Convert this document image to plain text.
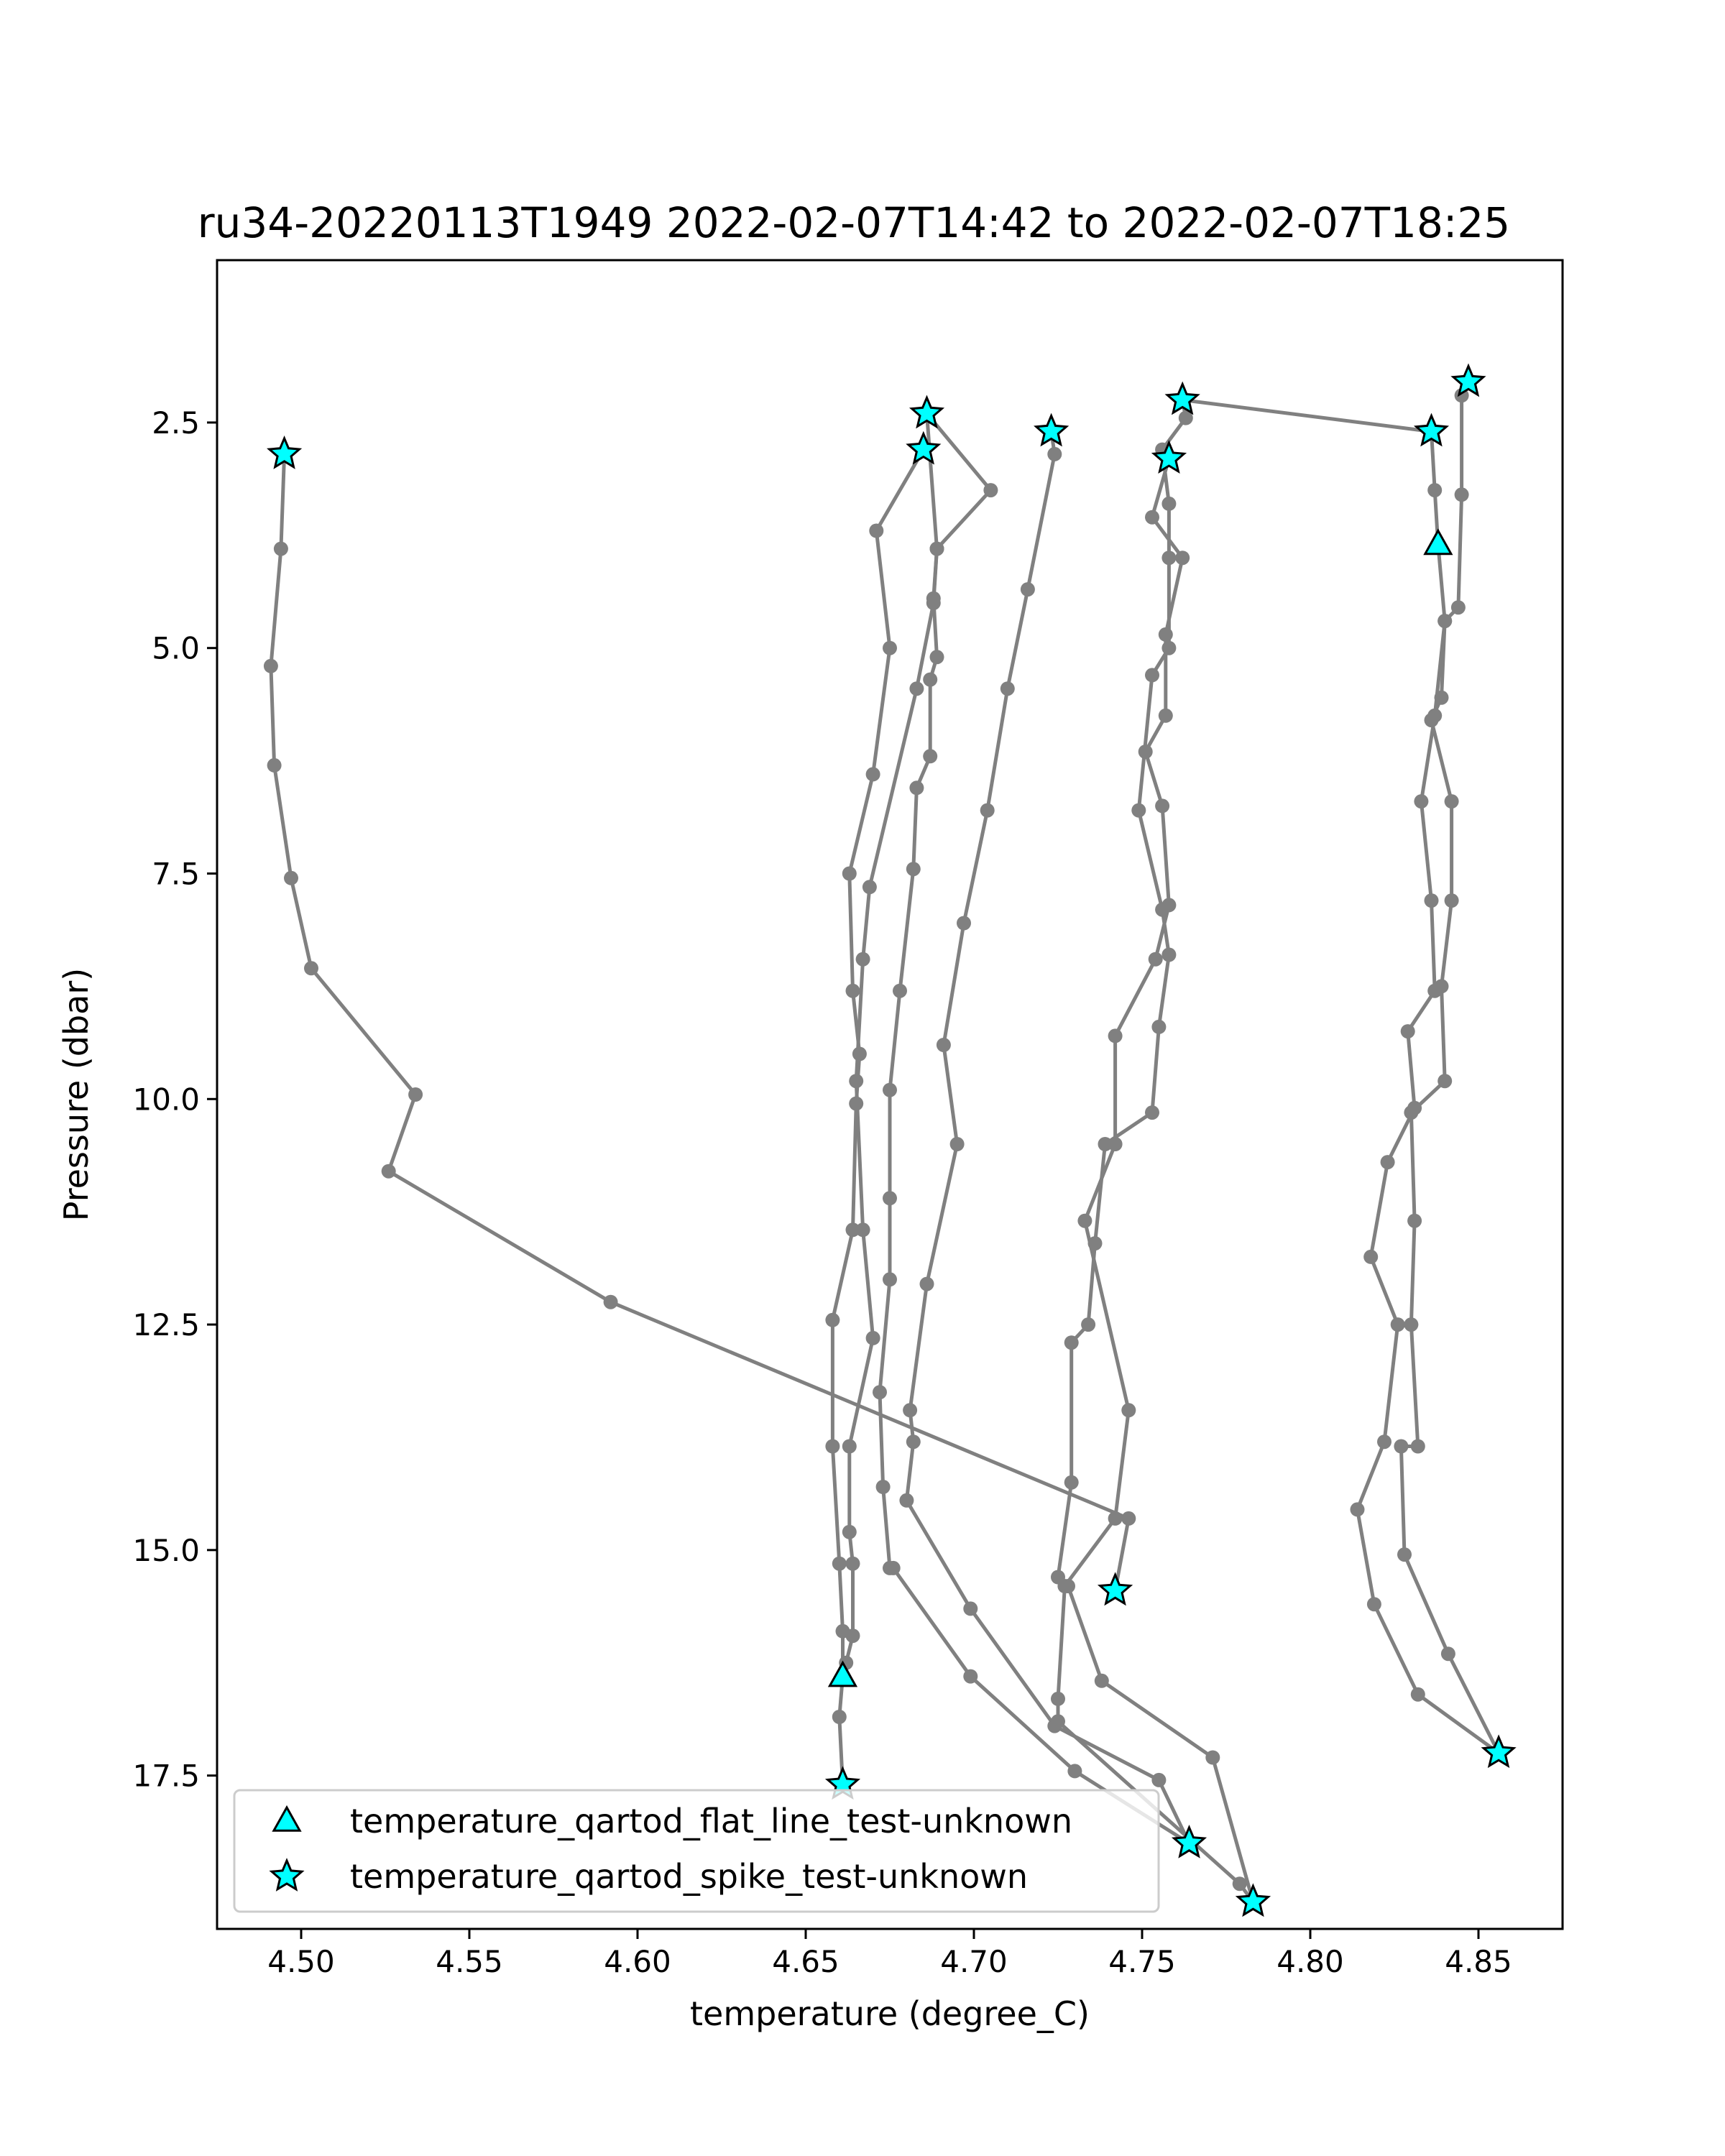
ru34-20220113T1949 2022-02-07T14:42 to 2022-02-07T18:25
4.50	4.55	4.60	4.65	4.70	4.75	4.80	4.85
2.5
5.0
7.5
10.0
12.5
15.0
17.5
temperature (degree_C)
Pressure (dbar)
temperature_qartod_flat_line_test-unknown
temperature_qartod_spike_test-unknown
